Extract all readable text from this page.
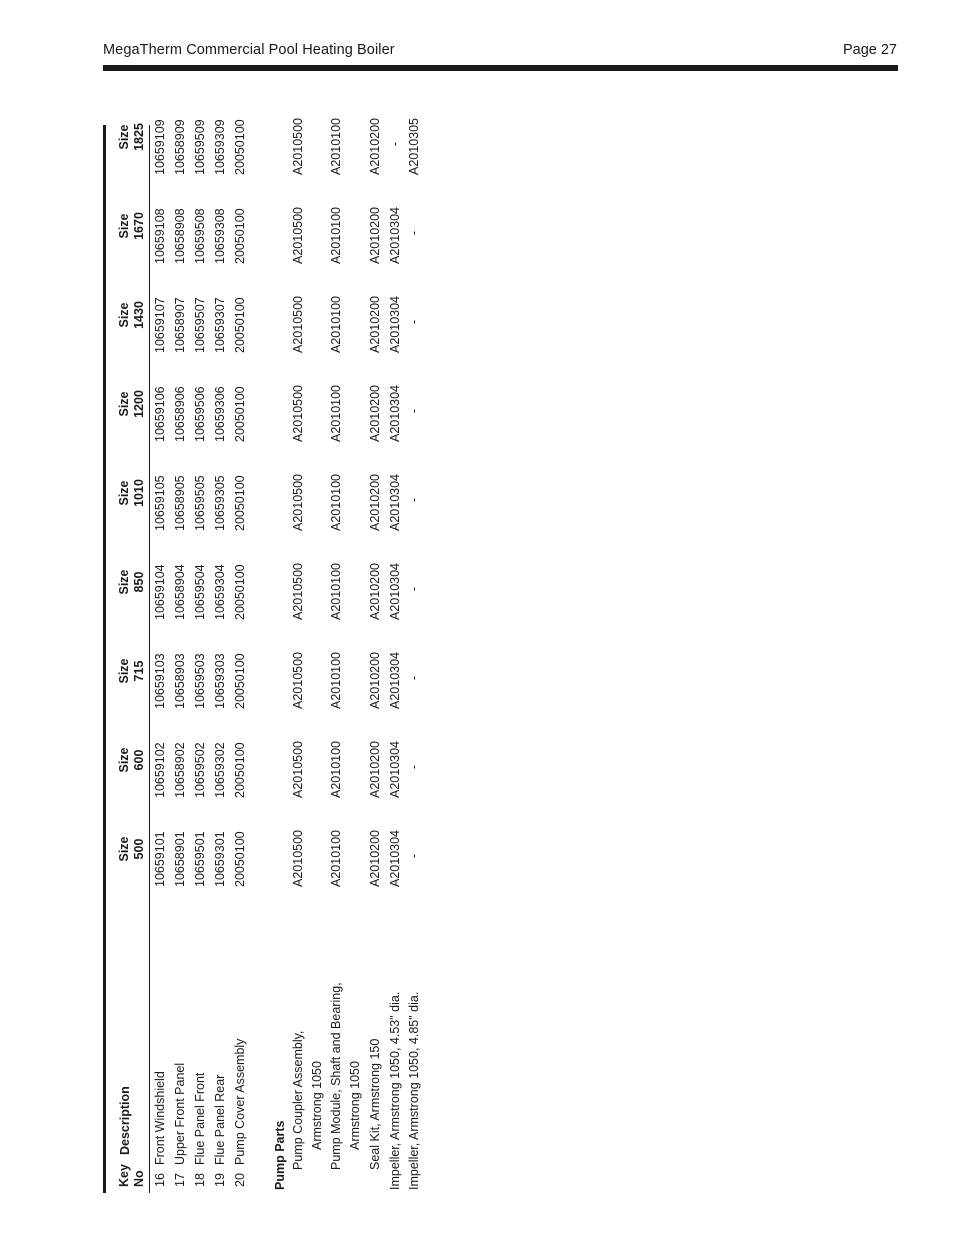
MegaTherm Commercial Pool Heating Boiler	Page 27
Key No
Description
Size 500
Size 600
Size 715
Size 850
Size 1010
Size 1200
Size 1430
Size 1670
Size 1825
16
Front Windshield
10659101
10659102
10659103
10659104
10659105
10659106
10659107
10659108
10659109
17
Upper Front Panel
10658901
10658902
10658903
10658904
10658905
10658906
10658907
10658908
10658909
18
Flue Panel Front
10659501
10659502
10659503
10659504
10659505
10659506
10659507
10659508
10659509
19
Flue Panel Rear
10659301
10659302
10659303
10659304
10659305
10659306
10659307
10659308
10659309
20
Pump Cover Assembly
20050100
20050100
20050100
20050100
20050100
20050100
20050100
20050100
20050100
Pump Parts Pump Coupler Assembly,
A2010500
A2010500
A2010500
A2010500
A2010500
A2010500
A2010500
A2010500
A2010500
Armstrong 1050 Pump Module, Shaft and Bearing,
A2010100
A2010100
A2010100
A2010100
A2010100
A2010100
A2010100
A2010100
A2010100
Armstrong 1050 Seal Kit, Armstrong 150
A2010200
A2010200
A2010200
A2010200
A2010200
A2010200
A2010200
A2010200
A2010200
Impeller, Armstrong 1050, 4.53" dia.
A2010304
A2010304
A2010304
A2010304
A2010304
A2010304
A2010304
A2010304
-
Impeller, Armstrong 1050, 4.85" dia.
-
-
-
-
-
-
-
-
A2010305
